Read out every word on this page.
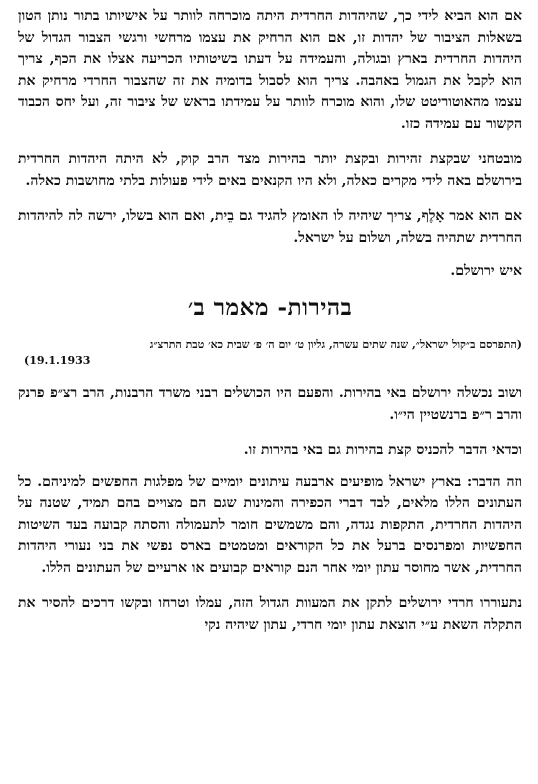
אם הוא הביא לידי כך, שהיהדות החרדית היתה מוכרחה לוותר על אישיותו בתור נותן הטון בשאלות הציבור של יהדות זו, אם הוא הרחיק את עצמו מרחשי ורגשי הצבור הגדול של היהדות החרדית בארץ ובגולה, והעמידה על דעתו בשיטותיו הכריעה אצלו את הכף, צריך הוא לקבל את הגמול באהבה. צריך הוא לסבול בדומיה את זה שהצבור החרדי מרחיק את עצמו מהאוטוריטט שלו, והוא מוכרח לוותר על עמידתו בראש של ציבור זה, ועל יחס הכבוד הקשור עם עמידה כזו.

מובטחני שבקצת זהירות ובקצת יותר בהירות מצד הרב קוק, לא היתה היהדות החרדית בירושלם באה לידי מקרים כאלה, ולא היו הקנאים באים לידי פעולות בלתי מחושבות כאלה.

אם הוא אמר אָלֶף, צריך שיהיה לו האומץ להגיד גם בֵית, ואם הוא בשלו, ירשה לה להיהדות החרדית שתהיה בשלה, ושלום על ישראל.

איש ירושלם.
בהירות- מאמר ב׳
(התפרסם ב״קול ישראל״, שנה שתים עשרה, גליון ט׳ יום ה׳ פ׳ שבית כא׳ טבת התרצ״ג
19.1.1933)

ושוב נכשלה ירושלם באי בהירות. והפעם היו הכושלים רבני משרד הרבנות, הרב רצ״פ פרנק והרב ר״פ ברנשטיין הי״ו.

וכדאי הדבר להכניס קצת בהירות גם באי בהירות זו.

וזה הדבר: בארץ ישראל מופיעים ארבעה עיתונים יומיים של מפלגות החפשים למיניהם. כל העתונים הללו מלאים, לבד דברי הכפירה והמינות שגם הם מצויים בהם תמיד, שטנה על היהדות החרדית, התקפות נגדה, והם משמשים חומר לתעמולה והסתה קבועה בעד השיטות החפשיות ומפרנסים ברעל את כל הקוראים ומטמטים בארס נפשי את בני נעורי היהדות החרדית, אשר מחוסר עתון יומי אחר הנם קוראים קבועים או ארעיים של העתונים הללו.

נתעוררו חרדי ירושלים לתקן את המעוות הגדול הזה, עמלו וטרחו ובקשו דרכים להסיר את התקלה השאת ע״י הוצאת עתון יומי חרדי, עתון שיהיה נקי
